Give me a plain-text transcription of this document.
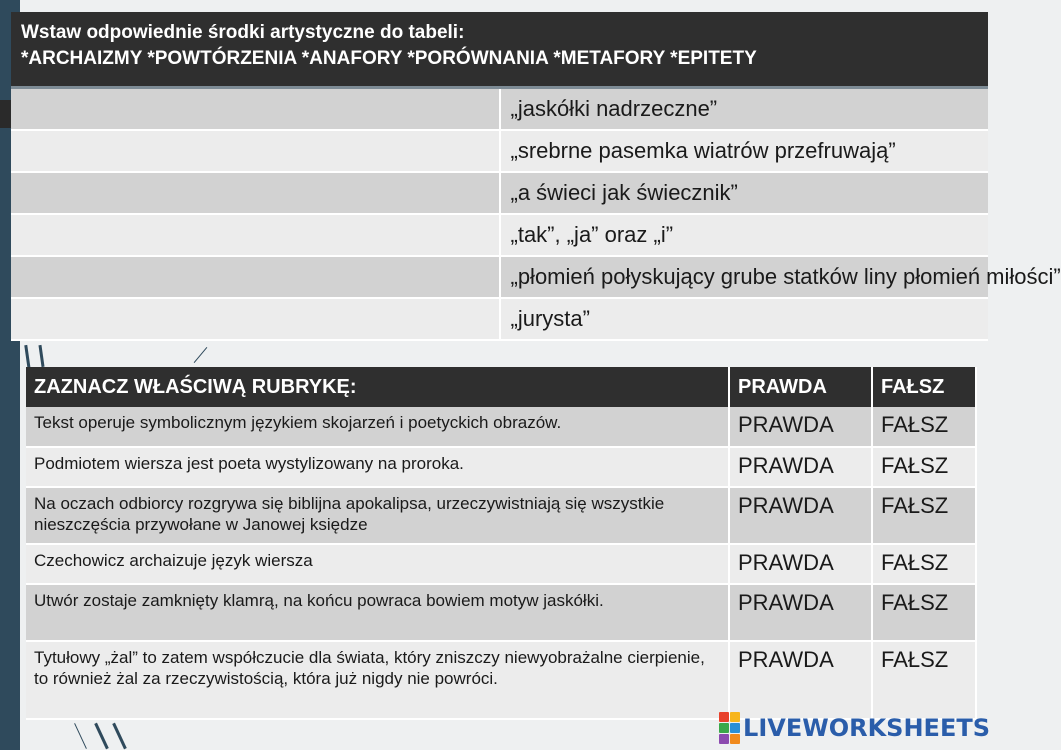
Wstaw odpowiednie środki artystyczne do tabeli:
*ARCHAIZMY *POWTÓRZENIA *ANAFORY *PORÓWNANIA *METAFORY *EPITETY	

	„jaskółki nadrzeczne”
	„srebrne pasemka wiatrów przefruwają”
	„a świeci jak świecznik”
	„tak”, „ja” oraz „i”
	„płomień połyskujący grube statków liny płomień miłości”
	„jurysta”
ZAZNACZ WŁAŚCIWĄ RUBRYKĘ:	PRAWDA	FAŁSZ
Tekst operuje symbolicznym językiem skojarzeń i poetyckich obrazów.	PRAWDA	FAŁSZ
Podmiotem wiersza jest poeta wystylizowany na proroka.	PRAWDA	FAŁSZ
Na oczach odbiorcy rozgrywa się biblijna apokalipsa, urzeczywistniają się wszystkie nieszczęścia przywołane w Janowej księdze	PRAWDA	FAŁSZ
Czechowicz archaizuje język wiersza	PRAWDA	FAŁSZ
Utwór zostaje zamknięty klamrą, na końcu powraca bowiem motyw jaskółki.	PRAWDA	FAŁSZ
Tytułowy „żal” to zatem współczucie dla świata, który zniszczy niewyobrażalne cierpienie, to również żal za rzeczywistością, która już nigdy nie powróci.	PRAWDA	FAŁSZ
LIVEWORKSHEETS
